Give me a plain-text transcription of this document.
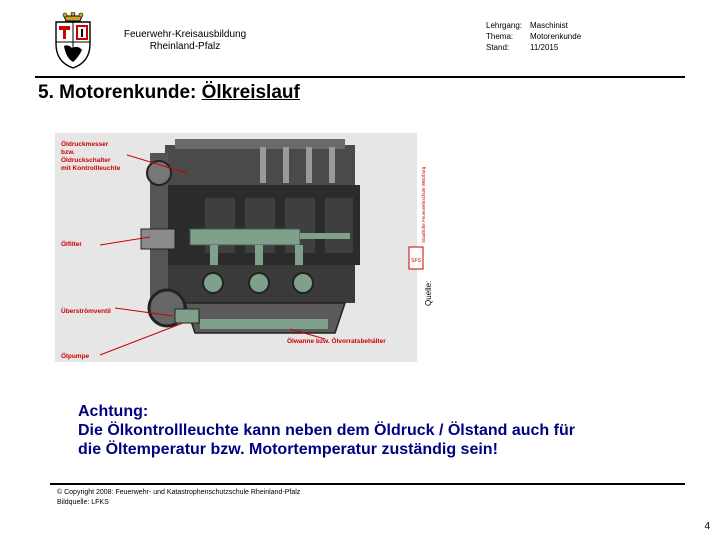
Feuerwehr-Kreisausbildung
Rheinland-Pfalz
Lehrgang: Maschinist
Thema: Motorenkunde
Stand:	11/2015
5. Motorenkunde: Ölkreislauf
SFS
Staatliche Feuerwehrschule Würzburg
Öldruckmesser
bzw.
Öldruckschalter
mit Kontrollleuchte
Ölfilter
Überströmventil
Ölpumpe
Ölwanne bzw. Ölvorratsbehälter
Quelle:
Achtung:
Die Ölkontrollleuchte kann neben dem Öldruck / Ölstand auch für
die Öltemperatur bzw. Motortemperatur zuständig sein!
© Copyright 2008: Feuerwehr- und Katastrophenschutzschule Rheinland-Pfalz
Bildquelle: LFKS
4
